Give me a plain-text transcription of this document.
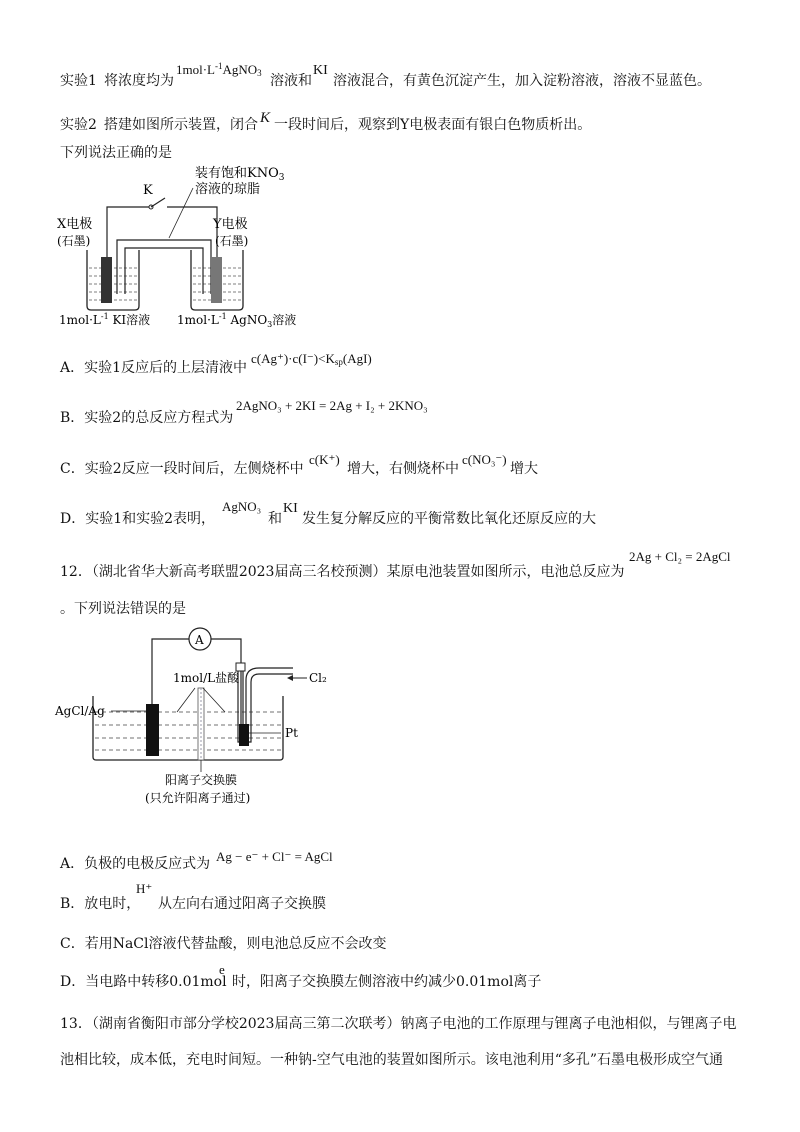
实验1 将浓度均为
$1mol\cdot L^{-1}AgNO_3$ 溶液和
KI
溶液混合，有黄色沉淀产生，加入淀粉溶液，溶液不显蓝色。
实验2 搭建如图所示装置，闭合 K 一段时间后，观察到Y电极表面有银白色物质析出。
下列说法正确的是
装有饱和$KNO_3$
溶液的琼脂
K
X电极
(石墨)
Y电极
(石墨)
$1mol\cdot L^{-1}$ KI溶液 $1mol\cdot L^{-1}$ AgNO$_3$溶液
A．实验1反应后的上层清液中
$c(Ag^+)\cdot c(I^-)<K_{sp}(AgI)$
B．实验2的总反应方程式为
2AgNO₃ + 2KI = 2Ag + I₂ + 2KNO₃
C．实验2反应一段时间后，左侧烧杯中
c(K⁺)
增大，右侧烧杯中
c(NO₃⁻)
增大
D．实验1和实验2表明，
AgNO₃
和
KI
发生复分解反应的平衡常数比氧化还原反应的大
12．（湖北省华大新高考联盟2023届高三名校预测）某原电池装置如图所示，电池总反应为
2Ag + Cl₂ = 2AgCl
。下列说法错误的是
A
Cl₂
1mol/L盐酸
AgCl/Ag
Pt
阳离子交换膜
(只允许阳离子通过)
A．负极的电极反应式为 Ag − e⁻ + Cl⁻ = AgCl
B．放电时，
H⁺
从左向右通过阳离子交换膜
C．若用NaCl溶液代替盐酸，则电池总反应不会改变
D．当电路中转移0.01mol
e
时，阳离子交换膜左侧溶液中约减少0.01mol离子
13．（湖南省衡阳市部分学校2023届高三第二次联考）钠离子电池的工作原理与锂离子电池相似，与锂离子电
池相比较，成本低，充电时间短。一种钠-空气电池的装置如图所示。该电池利用“多孔”石墨电极形成空气通
